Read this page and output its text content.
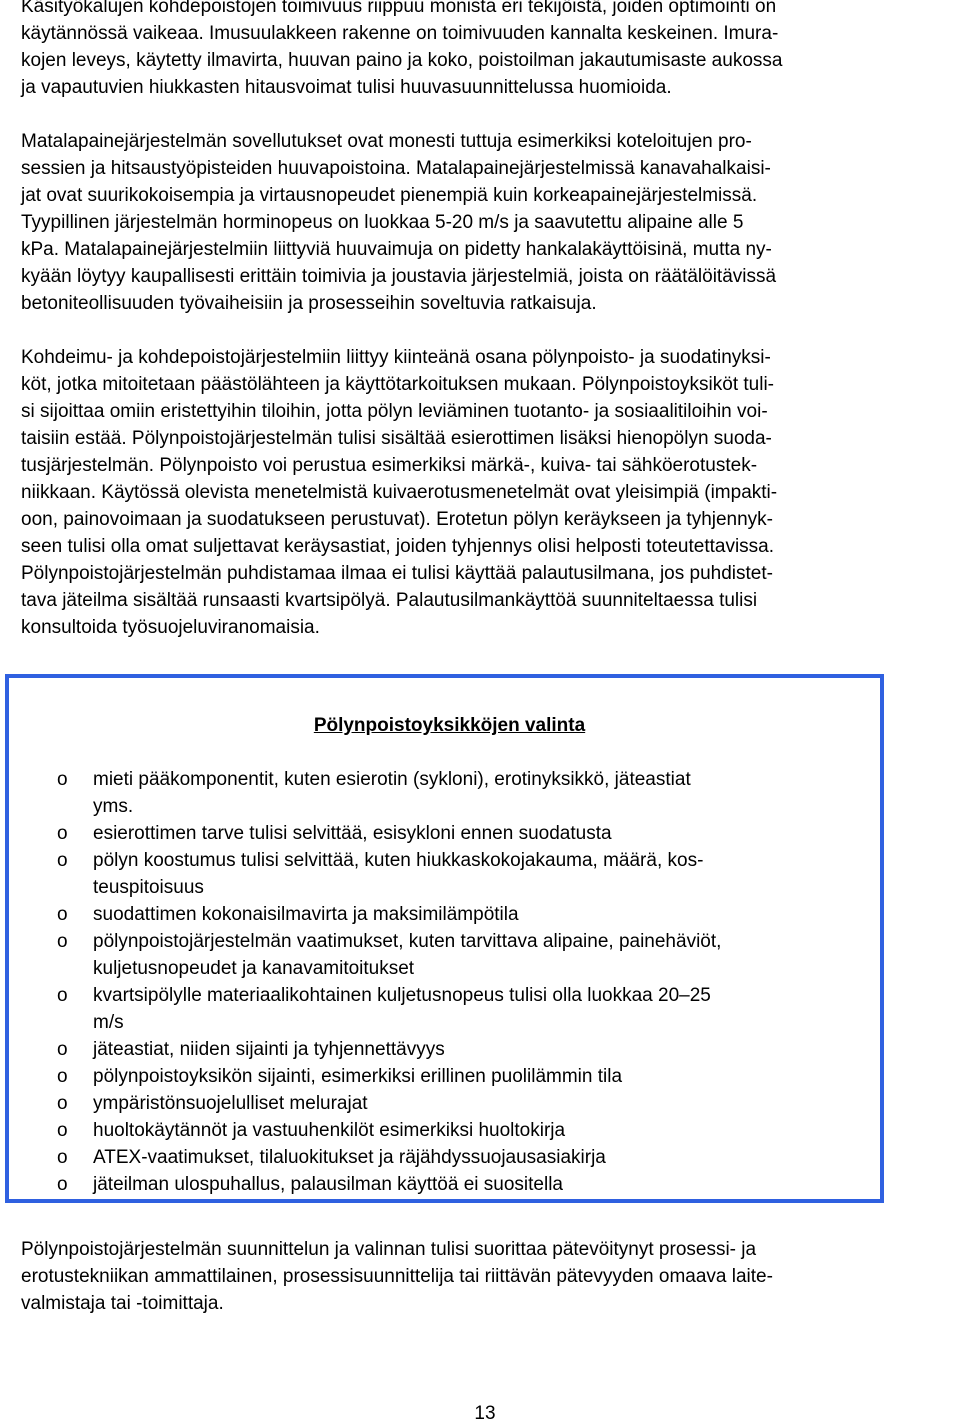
Käsityökalujen kohdepoistojen toimivuus riippuu monista eri tekijöistä, joiden optimointi on
käytännössä vaikeaa. Imusuulakkeen rakenne on toimivuuden kannalta keskeinen. Imura-
kojen leveys, käytetty ilmavirta, huuvan paino ja koko, poistoilman jakautumisaste aukossa
ja vapautuvien hiukkasten hitausvoimat tulisi huuvasuunnittelussa huomioida.

Matalapainejärjestelmän sovellutukset ovat monesti tuttuja esimerkiksi koteloitujen pro-
sessien ja hitsaustyöpisteiden huuvapoistoina. Matalapainejärjestelmissä kanavahalkaisi-
jat ovat suurikokoisempia ja virtausnopeudet pienempiä kuin korkeapainejärjestelmissä.
Tyypillinen järjestelmän horminopeus on luokkaa 5-20 m/s ja saavutettu alipaine alle 5
kPa. Matalapainejärjestelmiin liittyviä huuvaimuja on pidetty hankalakäyttöisinä, mutta ny-
kyään löytyy kaupallisesti erittäin toimivia ja joustavia järjestelmiä, joista on räätälöitävissä
betoniteollisuuden työvaiheisiin ja prosesseihin soveltuvia ratkaisuja.

Kohdeimu- ja kohdepoistojärjestelmiin liittyy kiinteänä osana pölynpoisto- ja suodatinyksi-
köt, jotka mitoitetaan päästölähteen ja käyttötarkoituksen mukaan. Pölynpoistoyksiköt tuli-
si sijoittaa omiin eristettyihin tiloihin, jotta pölyn leviäminen tuotanto- ja sosiaalitiloihin voi-
taisiin estää. Pölynpoistojärjestelmän tulisi sisältää esierottimen lisäksi hienopölyn suoda-
tusjärjestelmän. Pölynpoisto voi perustua esimerkiksi märkä-, kuiva- tai sähköerotustek-
niikkaan. Käytössä olevista menetelmistä kuivaerotusmenetelmät ovat yleisimpiä (impakti-
oon, painovoimaan ja suodatukseen perustuvat). Erotetun pölyn keräykseen ja tyhjennyk-
seen tulisi olla omat suljettavat keräysastiat, joiden tyhjennys olisi helposti toteutettavissa.
Pölynpoistojärjestelmän puhdistamaa ilmaa ei tulisi käyttää palautusilmana, jos puhdistet-
tava jäteilma sisältää runsaasti kvartsipölyä. Palautusilmankäyttöä suunniteltaessa tulisi
konsultoida työsuojeluviranomaisia.

Pölynpoistoyksikköjen valinta

o mieti pääkomponentit, kuten esierotin (sykloni), erotinyksikkö, jäteastiat
yms.
o esierottimen tarve tulisi selvittää, esisykloni ennen suodatusta
o pölyn koostumus tulisi selvittää, kuten hiukkaskokojakauma, määrä, kos-
teuspitoisuus
o suodattimen kokonaisilmavirta ja maksimilämpötila
o pölynpoistojärjestelmän vaatimukset, kuten tarvittava alipaine, painehäviöt,
kuljetusnopeudet ja kanavamitoitukset
o kvartsipölylle materiaalikohtainen kuljetusnopeus tulisi olla luokkaa 20–25
m/s
o jäteastiat, niiden sijainti ja tyhjennettävyys
o pölynpoistoyksikön sijainti, esimerkiksi erillinen puolilämmin tila
o ympäristönsuojelulliset melurajat
o huoltokäytännöt ja vastuuhenkilöt esimerkiksi huoltokirja
o ATEX-vaatimukset, tilaluokitukset ja räjähdyssuojausasiakirja
o jäteilman ulospuhallus, palausilman käyttöä ei suositella

Pölynpoistojärjestelmän suunnittelun ja valinnan tulisi suorittaa pätevöitynyt prosessi- ja
erotustekniikan ammattilainen, prosessisuunnittelija tai riittävän pätevyyden omaava laite-
valmistaja tai -toimittaja.

13
